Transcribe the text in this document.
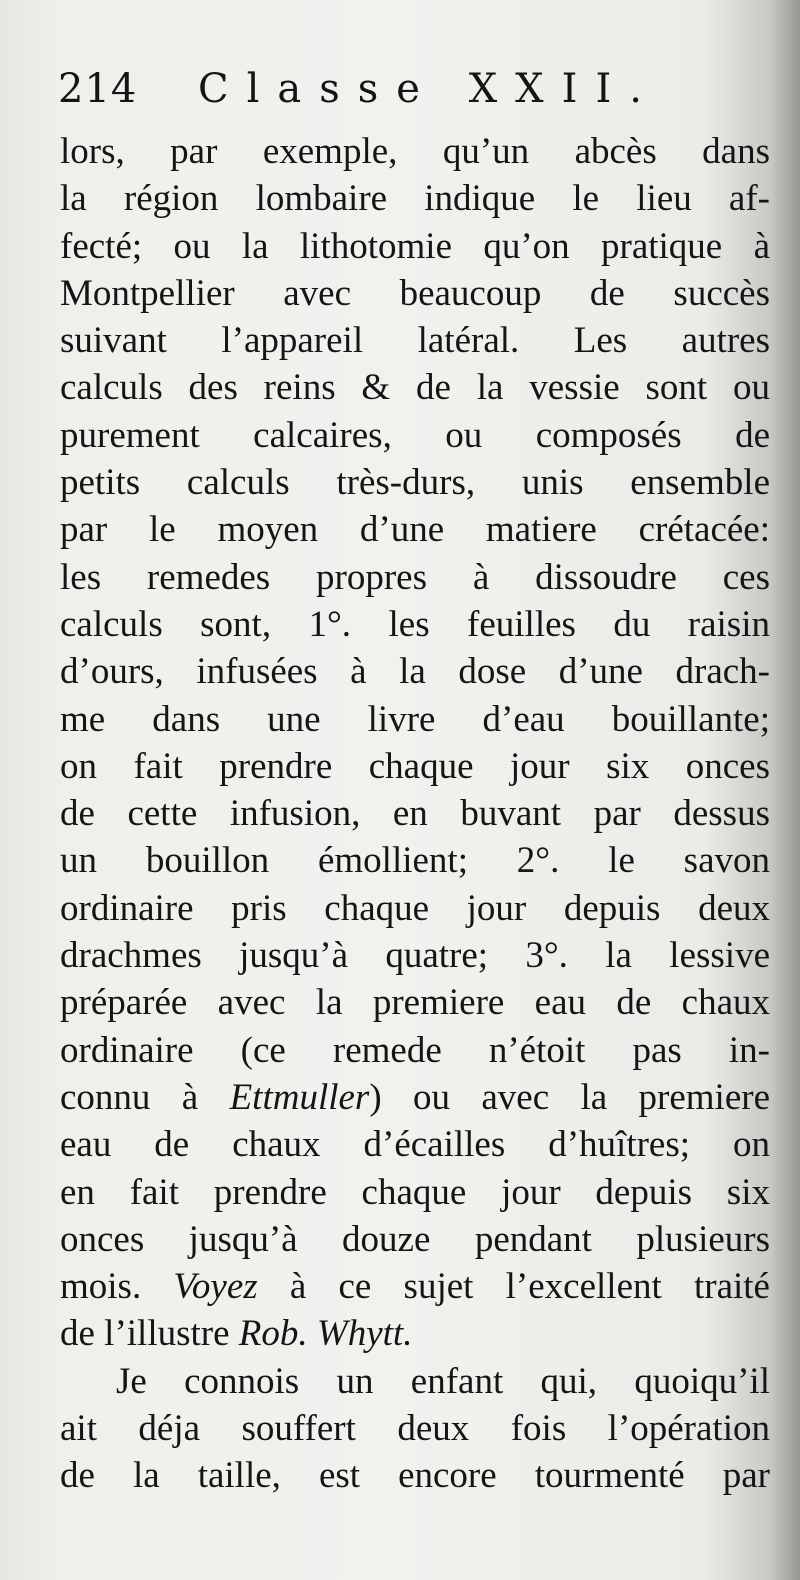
214 Classe XXII.
lors, par exemple, qu’un abcès dans
la région lombaire indique le lieu af-
fecté; ou la lithotomie qu’on pratique à
Montpellier avec beaucoup de succès
suivant l’appareil latéral. Les autres
calculs des reins & de la vessie sont ou
purement calcaires, ou composés de
petits calculs très-durs, unis ensemble
par le moyen d’une matiere crétacée:
les remedes propres à dissoudre ces
calculs sont, 1°. les feuilles du raisin
d’ours, infusées à la dose d’une drach-
me dans une livre d’eau bouillante;
on fait prendre chaque jour six onces
de cette infusion, en buvant par dessus
un bouillon émollient; 2°. le savon
ordinaire pris chaque jour depuis deux
drachmes jusqu’à quatre; 3°. la lessive
préparée avec la premiere eau de chaux
ordinaire (ce remede n’étoit pas in-
connu à Ettmuller) ou avec la premiere
eau de chaux d’écailles d’huîtres; on
en fait prendre chaque jour depuis six
onces jusqu’à douze pendant plusieurs
mois. Voyez à ce sujet l’excellent traité
de l’illustre Rob. Whytt.
Je connois un enfant qui, quoiqu’il
ait déja souffert deux fois l’opération
de la taille, est encore tourmenté par
